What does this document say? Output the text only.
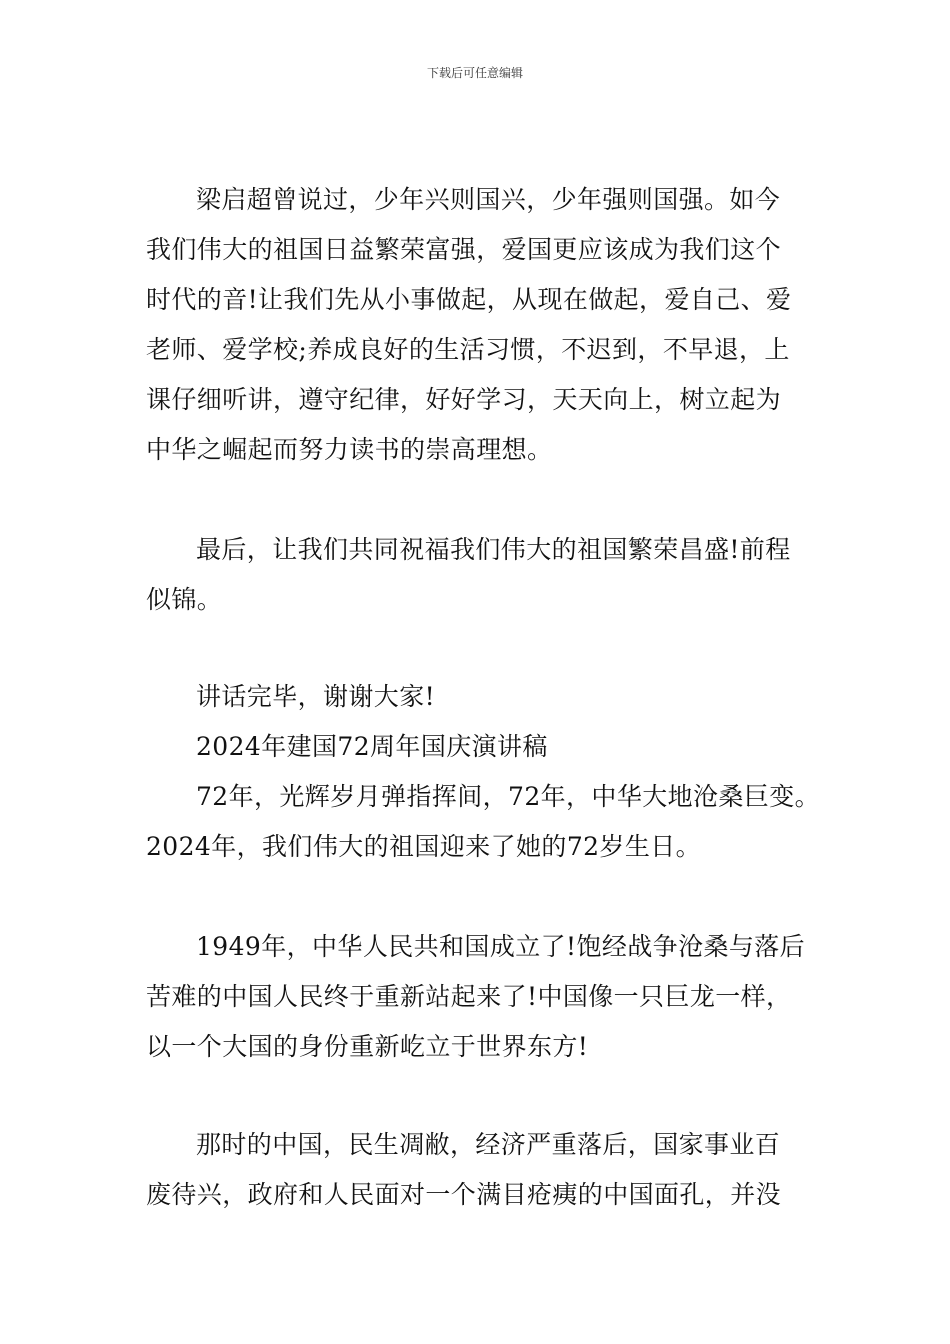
下载后可任意编辑
梁启超曾说过，少年兴则国兴，少年强则国强。如今
我们伟大的祖国日益繁荣富强，爱国更应该成为我们这个
时代的音!让我们先从小事做起，从现在做起，爱自己、爱
老师、爱学校;养成良好的生活习惯，不迟到，不早退，上
课仔细听讲，遵守纪律，好好学习，天天向上，树立起为
中华之崛起而努力读书的崇高理想。
最后，让我们共同祝福我们伟大的祖国繁荣昌盛!前程
似锦。
讲话完毕，谢谢大家!
2024年建国72周年国庆演讲稿
72年，光辉岁月弹指挥间，72年，中华大地沧桑巨变。
2024年，我们伟大的祖国迎来了她的72岁生日。
1949年，中华人民共和国成立了!饱经战争沧桑与落后
苦难的中国人民终于重新站起来了!中国像一只巨龙一样，
以一个大国的身份重新屹立于世界东方!
那时的中国，民生凋敝，经济严重落后，国家事业百
废待兴，政府和人民面对一个满目疮痍的中国面孔，并没
